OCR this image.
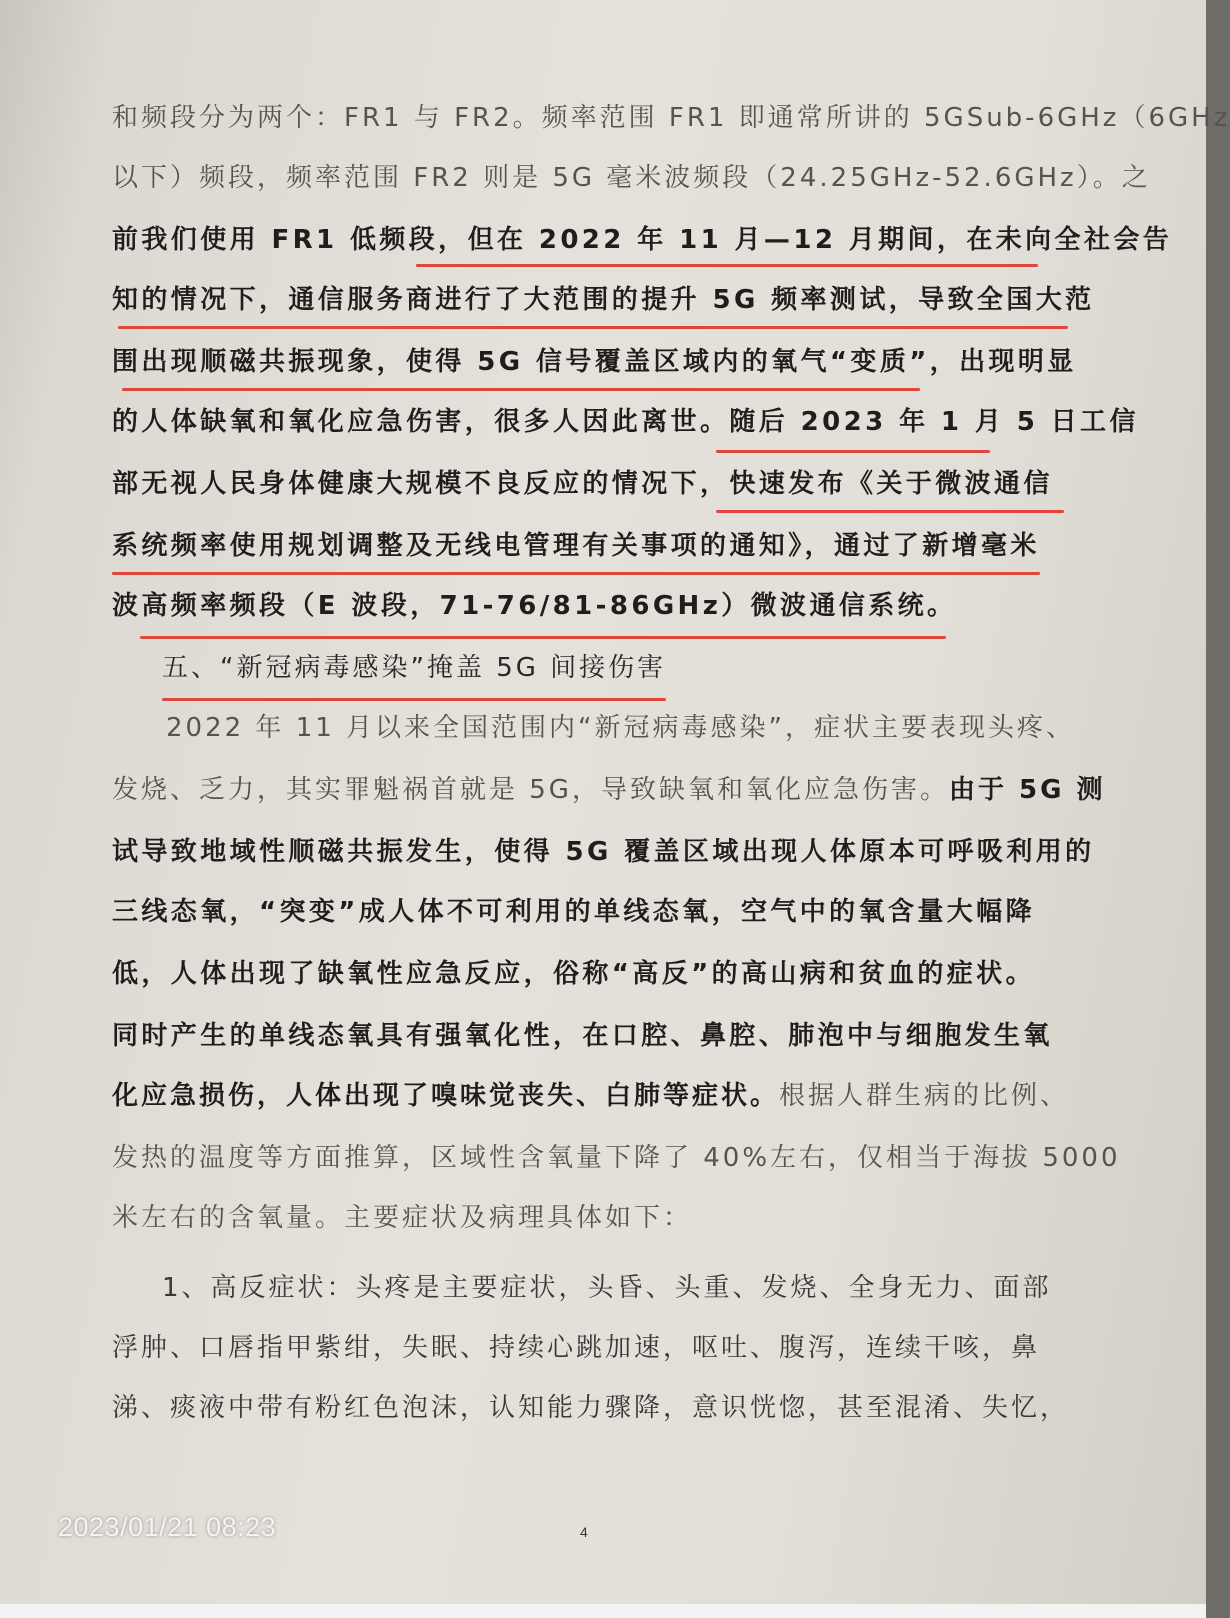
和频段分为两个：FR1 与 FR2。频率范围 FR1 即通常所讲的 5GSub-6GHz（6GHz
以下）频段，频率范围 FR2 则是 5G 毫米波频段（24.25GHz-52.6GHz）。之
前我们使用 FR1 低频段，但在 2022 年 11 月—12 月期间，在未向全社会告
知的情况下，通信服务商进行了大范围的提升 5G 频率测试，导致全国大范
围出现顺磁共振现象，使得 5G 信号覆盖区域内的氧气“变质”，出现明显
的人体缺氧和氧化应急伤害，很多人因此离世。随后 2023 年 1 月 5 日工信
部无视人民身体健康大规模不良反应的情况下，快速发布《关于微波通信
系统频率使用规划调整及无线电管理有关事项的通知》，通过了新增毫米
波高频率频段（E 波段，71-76/81-86GHz）微波通信系统。
五、“新冠病毒感染”掩盖 5G 间接伤害
2022 年 11 月以来全国范围内“新冠病毒感染”，症状主要表现头疼、
发烧、乏力，其实罪魁祸首就是 5G，导致缺氧和氧化应急伤害。由于 5G 测
试导致地域性顺磁共振发生，使得 5G 覆盖区域出现人体原本可呼吸利用的
三线态氧，“突变”成人体不可利用的单线态氧，空气中的氧含量大幅降
低，人体出现了缺氧性应急反应，俗称“高反”的高山病和贫血的症状。
同时产生的单线态氧具有强氧化性，在口腔、鼻腔、肺泡中与细胞发生氧
化应急损伤，人体出现了嗅味觉丧失、白肺等症状。根据人群生病的比例、
发热的温度等方面推算，区域性含氧量下降了 40%左右，仅相当于海拔 5000
米左右的含氧量。主要症状及病理具体如下：
1、高反症状：头疼是主要症状，头昏、头重、发烧、全身无力、面部
浮肿、口唇指甲紫绀，失眠、持续心跳加速，呕吐、腹泻，连续干咳，鼻
涕、痰液中带有粉红色泡沫，认知能力骤降，意识恍惚，甚至混淆、失忆，
2023/01/21 08:23	4
